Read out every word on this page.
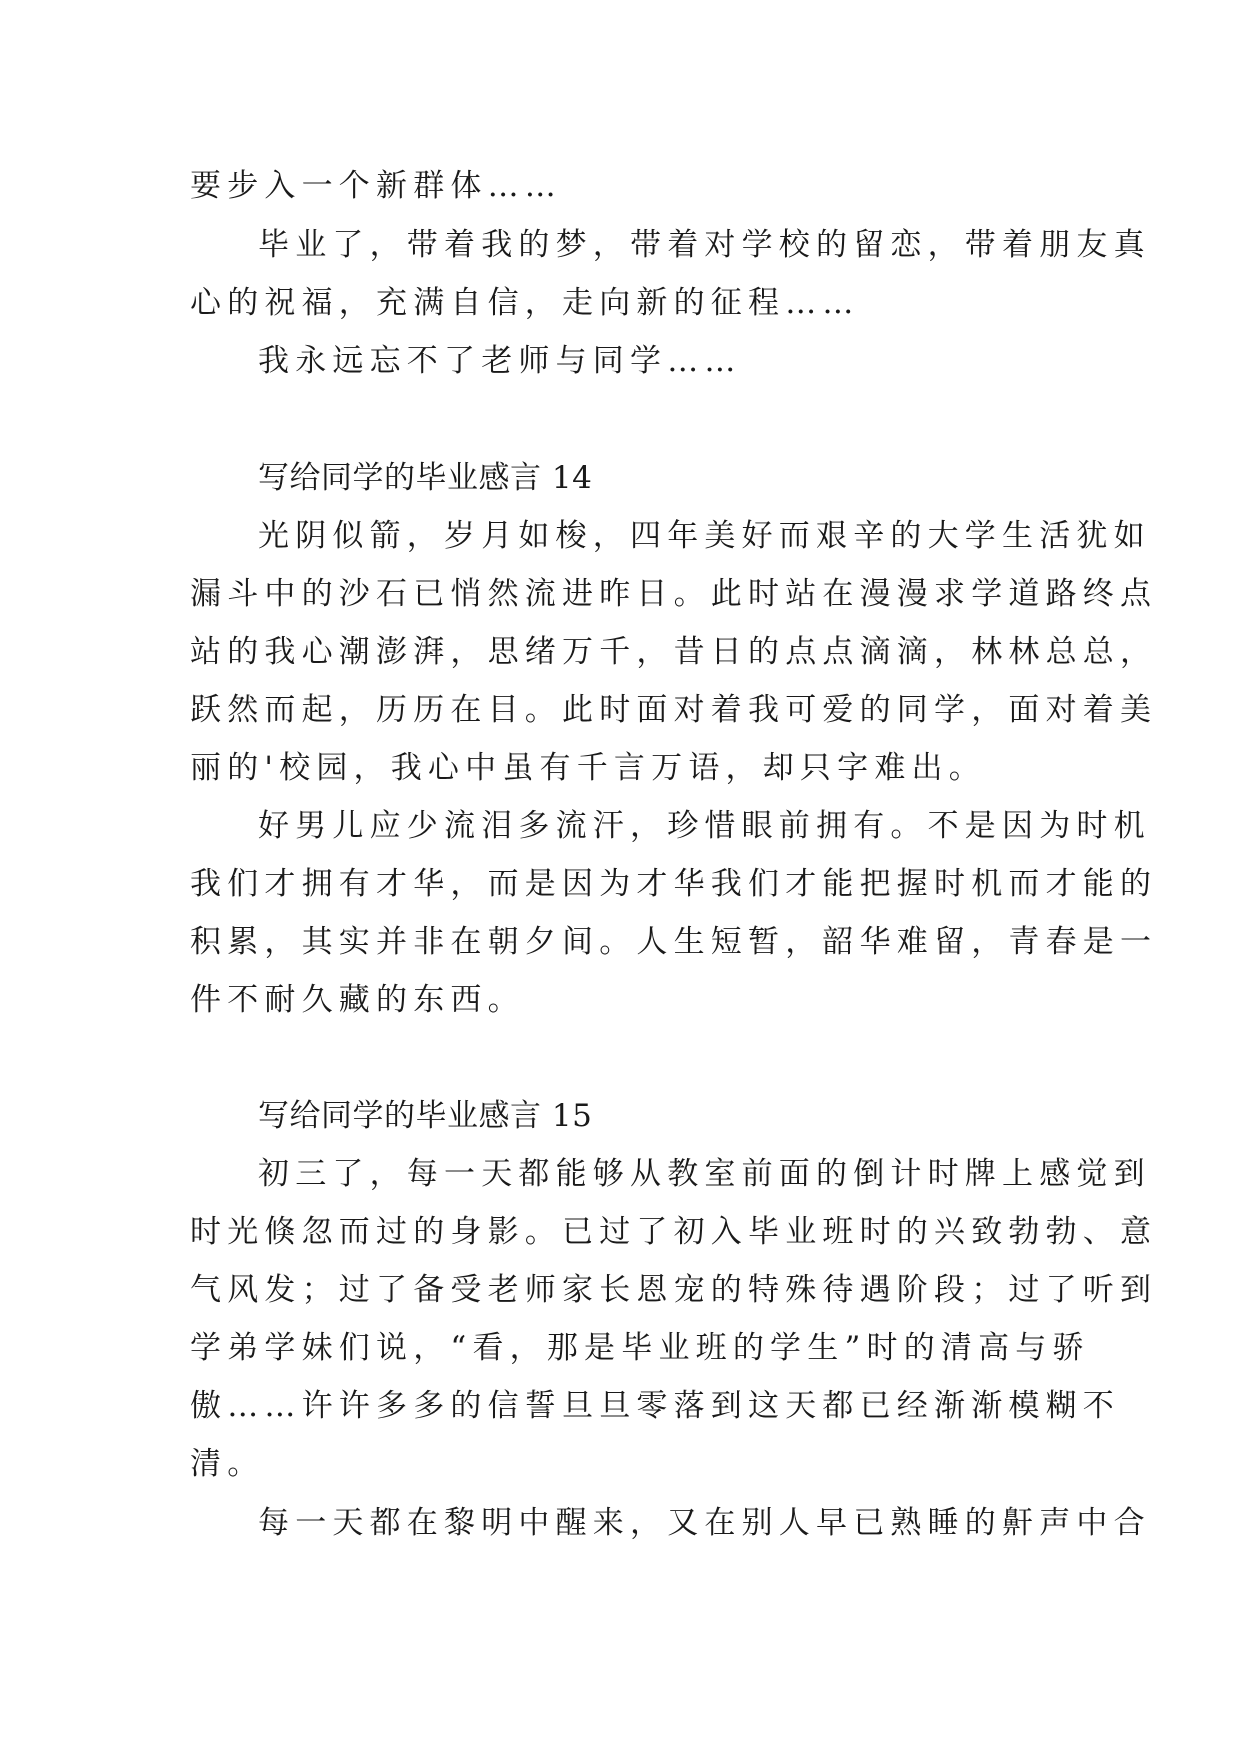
要步入一个新群体……
毕业了，带着我的梦，带着对学校的留恋，带着朋友真
心的祝福，充满自信，走向新的征程……
我永远忘不了老师与同学……
写给同学的毕业感言 14
光阴似箭，岁月如梭，四年美好而艰辛的大学生活犹如
漏斗中的沙石已悄然流进昨日。此时站在漫漫求学道路终点
站的我心潮澎湃，思绪万千，昔日的点点滴滴，林林总总，
跃然而起，历历在目。此时面对着我可爱的同学，面对着美
丽的'校园，我心中虽有千言万语，却只字难出。
好男儿应少流泪多流汗，珍惜眼前拥有。不是因为时机
我们才拥有才华，而是因为才华我们才能把握时机而才能的
积累，其实并非在朝夕间。人生短暂，韶华难留，青春是一
件不耐久藏的东西。
写给同学的毕业感言 15
初三了，每一天都能够从教室前面的倒计时牌上感觉到
时光倏忽而过的身影。已过了初入毕业班时的兴致勃勃、意
气风发；过了备受老师家长恩宠的特殊待遇阶段；过了听到
学弟学妹们说，“看，那是毕业班的学生”时的清高与骄
傲……许许多多的信誓旦旦零落到这天都已经渐渐模糊不
清。
每一天都在黎明中醒来，又在别人早已熟睡的鼾声中合
